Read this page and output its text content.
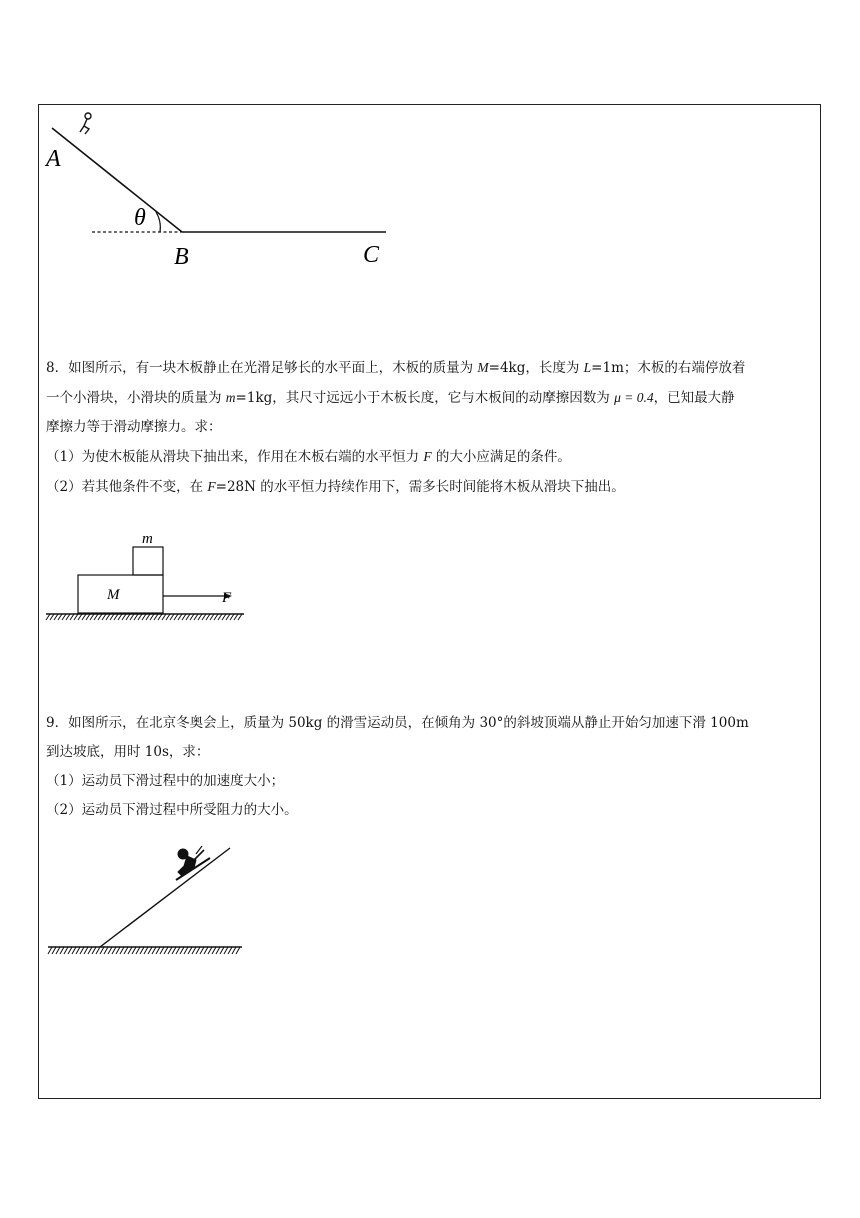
A
θ
B	C

8．如图所示，有一块木板静止在光滑足够长的水平面上，木板的质量为 M=4kg，长度为 L=1m；木板的右端停放着

一个小滑块，小滑块的质量为 m=1kg，其尺寸远远小于木板长度，它与木板间的动摩擦因数为 μ = 0.4，已知最大静

摩擦力等于滑动摩擦力。求：

（1）为使木板能从滑块下抽出来，作用在木板右端的水平恒力 F 的大小应满足的条件。

（2）若其他条件不变，在 F=28N 的水平恒力持续作用下，需多长时间能将木板从滑块下抽出。

m
M	F

9．如图所示，在北京冬奥会上，质量为 50kg 的滑雪运动员，在倾角为 30°的斜坡顶端从静止开始匀加速下滑 100m

到达坡底，用时 10s，求：

（1）运动员下滑过程中的加速度大小；

（2）运动员下滑过程中所受阻力的大小。
